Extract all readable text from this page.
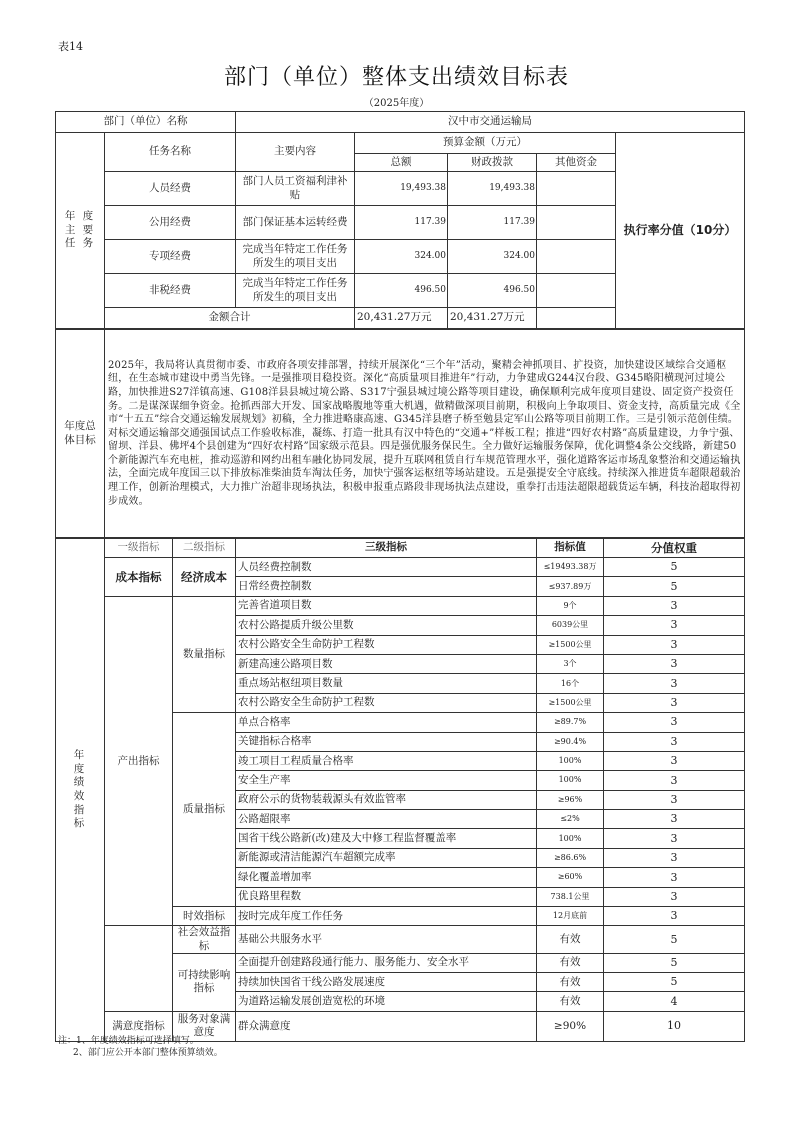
表14
部门（单位）整体支出绩效目标表
（2025年度）
部门（单位）名称		汉中市交通运输局				
年 度 主 要 任 务	任务名称	主要内容	预算金额（万元）			执行率分值（10分）
			总额	财政拨款	其他资金	
	人员经费	部门人员工资福利津补贴	19,493.38	19,493.38		
	公用经费	部门保证基本运转经费	117.39	117.39		
	专项经费	完成当年特定工作任务所发生的项目支出	324.00	324.00		
	非税经费	完成当年特定工作任务所发生的项目支出	496.50	496.50		
	金额合计		20,431.27万元	20,431.27万元		
年度总体目标	2025年，我局将认真贯彻市委、市政府各项安排部署，持续开展深化“三个年”活动，聚精会神抓项目、扩投资，加快建设区域综合交通枢纽，在生态城市建设中勇当先锋。一是强推项目稳投资。深化“高质量项目推进年”行动，力争建成G244汉台段、G345略阳横现河过境公路，加快推进S27洋镇高速、G108洋县县城过境公路、S317宁强县城过境公路等项目建设，确保顺利完成年度项目建设、固定资产投资任务。二是谋深谋细争资金。抢抓西部大开发、国家战略腹地等重大机遇，做精做深项目前期，积极向上争取项目、资金支持，高质量完成《全市“十五五”综合交通运输发展规划》初稿，全力推进略康高速、G345洋县磨子桥至勉县定军山公路等项目前期工作。三是引领示范创佳绩。对标交通运输部交通强国试点工作验收标准，凝练、打造一批具有汉中特色的“交通+”样板工程；推进“四好农村路”高质量建设，力争宁强、留坝、洋县、佛坪4个县创建为“四好农村路”国家级示范县。四是强优服务保民生。全力做好运输服务保障，优化调整4条公交线路，新建50个新能源汽车充电桩，推动巡游和网约出租车融化协同发展，提升互联网租赁自行车规范管理水平，强化道路客运市场乱象整治和交通运输执法，全面完成年度国三以下排放标准柴油货车淘汰任务，加快宁强客运枢纽等场站建设。五是强提安全守底线。持续深入推进货车超限超载治理工作，创新治理模式，大力推广治超非现场执法，积极申报重点路段非现场执法点建设，重拳打击违法超限超载货运车辆，科技治超取得初步成效。
年 度 绩 效 指 标	一级指标	二级指标	三级指标	指标值	分值权重
	成本指标	经济成本	人员经费控制数	≤19493.38万	5
			日常经费控制数	≤937.89万	5
	产出指标	数量指标	完善省道项目数	9个	3
			农村公路提质升级公里数	6039公里	3
			农村公路安全生命防护工程数	≥1500公里	3
			新建高速公路项目数	3个	3
			重点场站枢纽项目数量	16个	3
			农村公路安全生命防护工程数	≥1500公里	3
		质量指标	单点合格率	≥89.7%	3
			关键指标合格率	≥90.4%	3
			竣工项目工程质量合格率	100%	3
			安全生产率	100%	3
			政府公示的货物装载源头有效监管率	≥96%	3
			公路超限率	≤2%	3
			国省干线公路新(改)建及大中修工程监督覆盖率	100%	3
			新能源或清洁能源汽车超额完成率	≥86.6%	3
			绿化覆盖增加率	≥60%	3
			优良路里程数	738.1公里	3
		时效指标	按时完成年度工作任务	12月底前	3
		社会效益指标	基础公共服务水平	有效	5
		可持续影响指标	全面提升创建路段通行能力、服务能力、安全水平	有效	5
			持续加快国省干线公路发展速度	有效	5
			为道路运输发展创造宽松的环境	有效	4
	满意度指标	服务对象满意度	群众满意度	≥90%	10
注：1、年度绩效指标可选择填写。
2、部门应公开本部门整体预算绩效。
